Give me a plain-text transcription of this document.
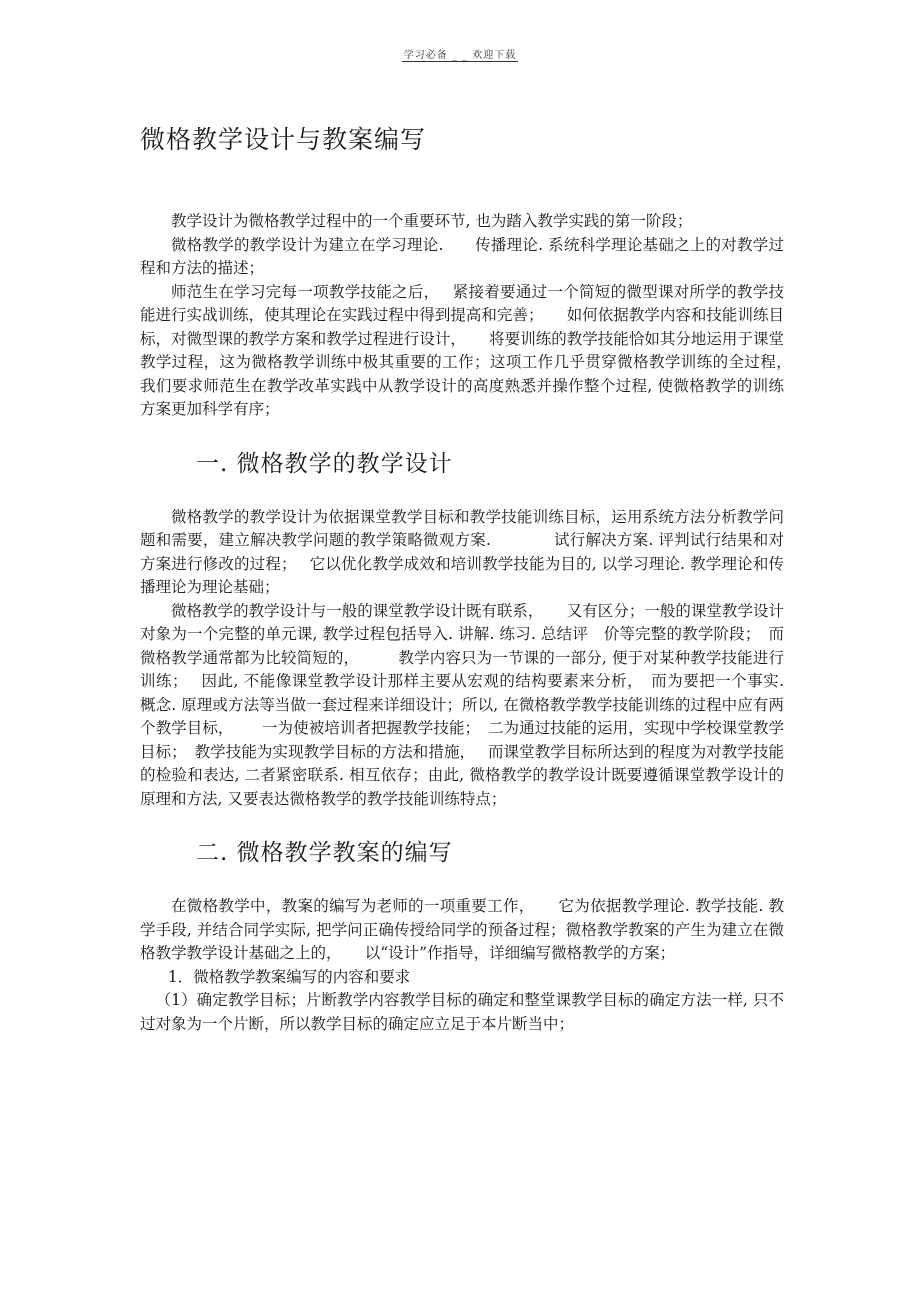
学习必备 _ _ 欢迎下载
微格教学设计与教案编写

教学设计为微格教学过程中的一个重要环节, 也为踏入教学实践的第一阶段；

微格教学的教学设计为建立在学习理论.　　传播理论. 系统科学理论基础之上的对教学过程和方法的描述；

师范生在学习完每一项教学技能之后，　 紧接着要通过一个简短的微型课对所学的教学技能进行实战训练，使其理论在实践过程中得到提高和完善；　　如何依据教学内容和技能训练目标，对微型课的教学方案和教学过程进行设计，　　将要训练的教学技能恰如其分地运用于课堂教学过程，这为微格教学训练中极其重要的工作；这项工作几乎贯穿微格教学训练的全过程，　　 我们要求师范生在教学改革实践中从教学设计的高度熟悉并操作整个过程, 使微格教学的训练方案更加科学有序；

一. 微格教学的教学设计

微格教学的教学设计为依据课堂教学目标和教学技能训练目标，运用系统方法分析教学问题和需要，建立解决教学问题的教学策略微观方案.　　　　试行解决方案. 评判试行结果和对方案进行修改的过程；　 它以优化教学成效和培训教学技能为目的, 以学习理论. 教学理论和传播理论为理论基础；

微格教学的教学设计与一般的课堂教学设计既有联系，　　又有区分；一般的课堂教学设计对象为一个完整的单元课, 教学过程包括导入. 讲解. 练习. 总结评　价等完整的教学阶段；　而微格教学通常都为比较简短的，　　　教学内容只为一节课的一部分, 便于对某种教学技能进行训练；　 因此, 不能像课堂教学设计那样主要从宏观的结构要素来分析，　而为要把一个事实. 概念. 原理或方法等当做一套过程来详细设计；所以, 在微格教学教学技能训练的过程中应有两个教学目标，　　 一为使被培训者把握教学技能；　二为通过技能的运用，实现中学校课堂教学目标；　教学技能为实现教学目标的方法和措施，　 而课堂教学目标所达到的程度为对教学技能的检验和表达, 二者紧密联系. 相互依存；由此, 微格教学的教学设计既要遵循课堂教学设计的原理和方法, 又要表达微格教学的教学技能训练特点；

二. 微格教学教案的编写

在微格教学中，教案的编写为老师的一项重要工作，　　它为依据教学理论. 教学技能. 教学手段, 并结合同学实际, 把学问正确传授给同学的预备过程；微格教学教案的产生为建立在微格教学教学设计基础之上的，　　以“设计”作指导，详细编写微格教学的方案；

1．微格教学教案编写的内容和要求

（1）确定教学目标；片断教学内容教学目标的确定和整堂课教学目标的确定方法一样, 只不过对象为一个片断，所以教学目标的确定应立足于本片断当中；
